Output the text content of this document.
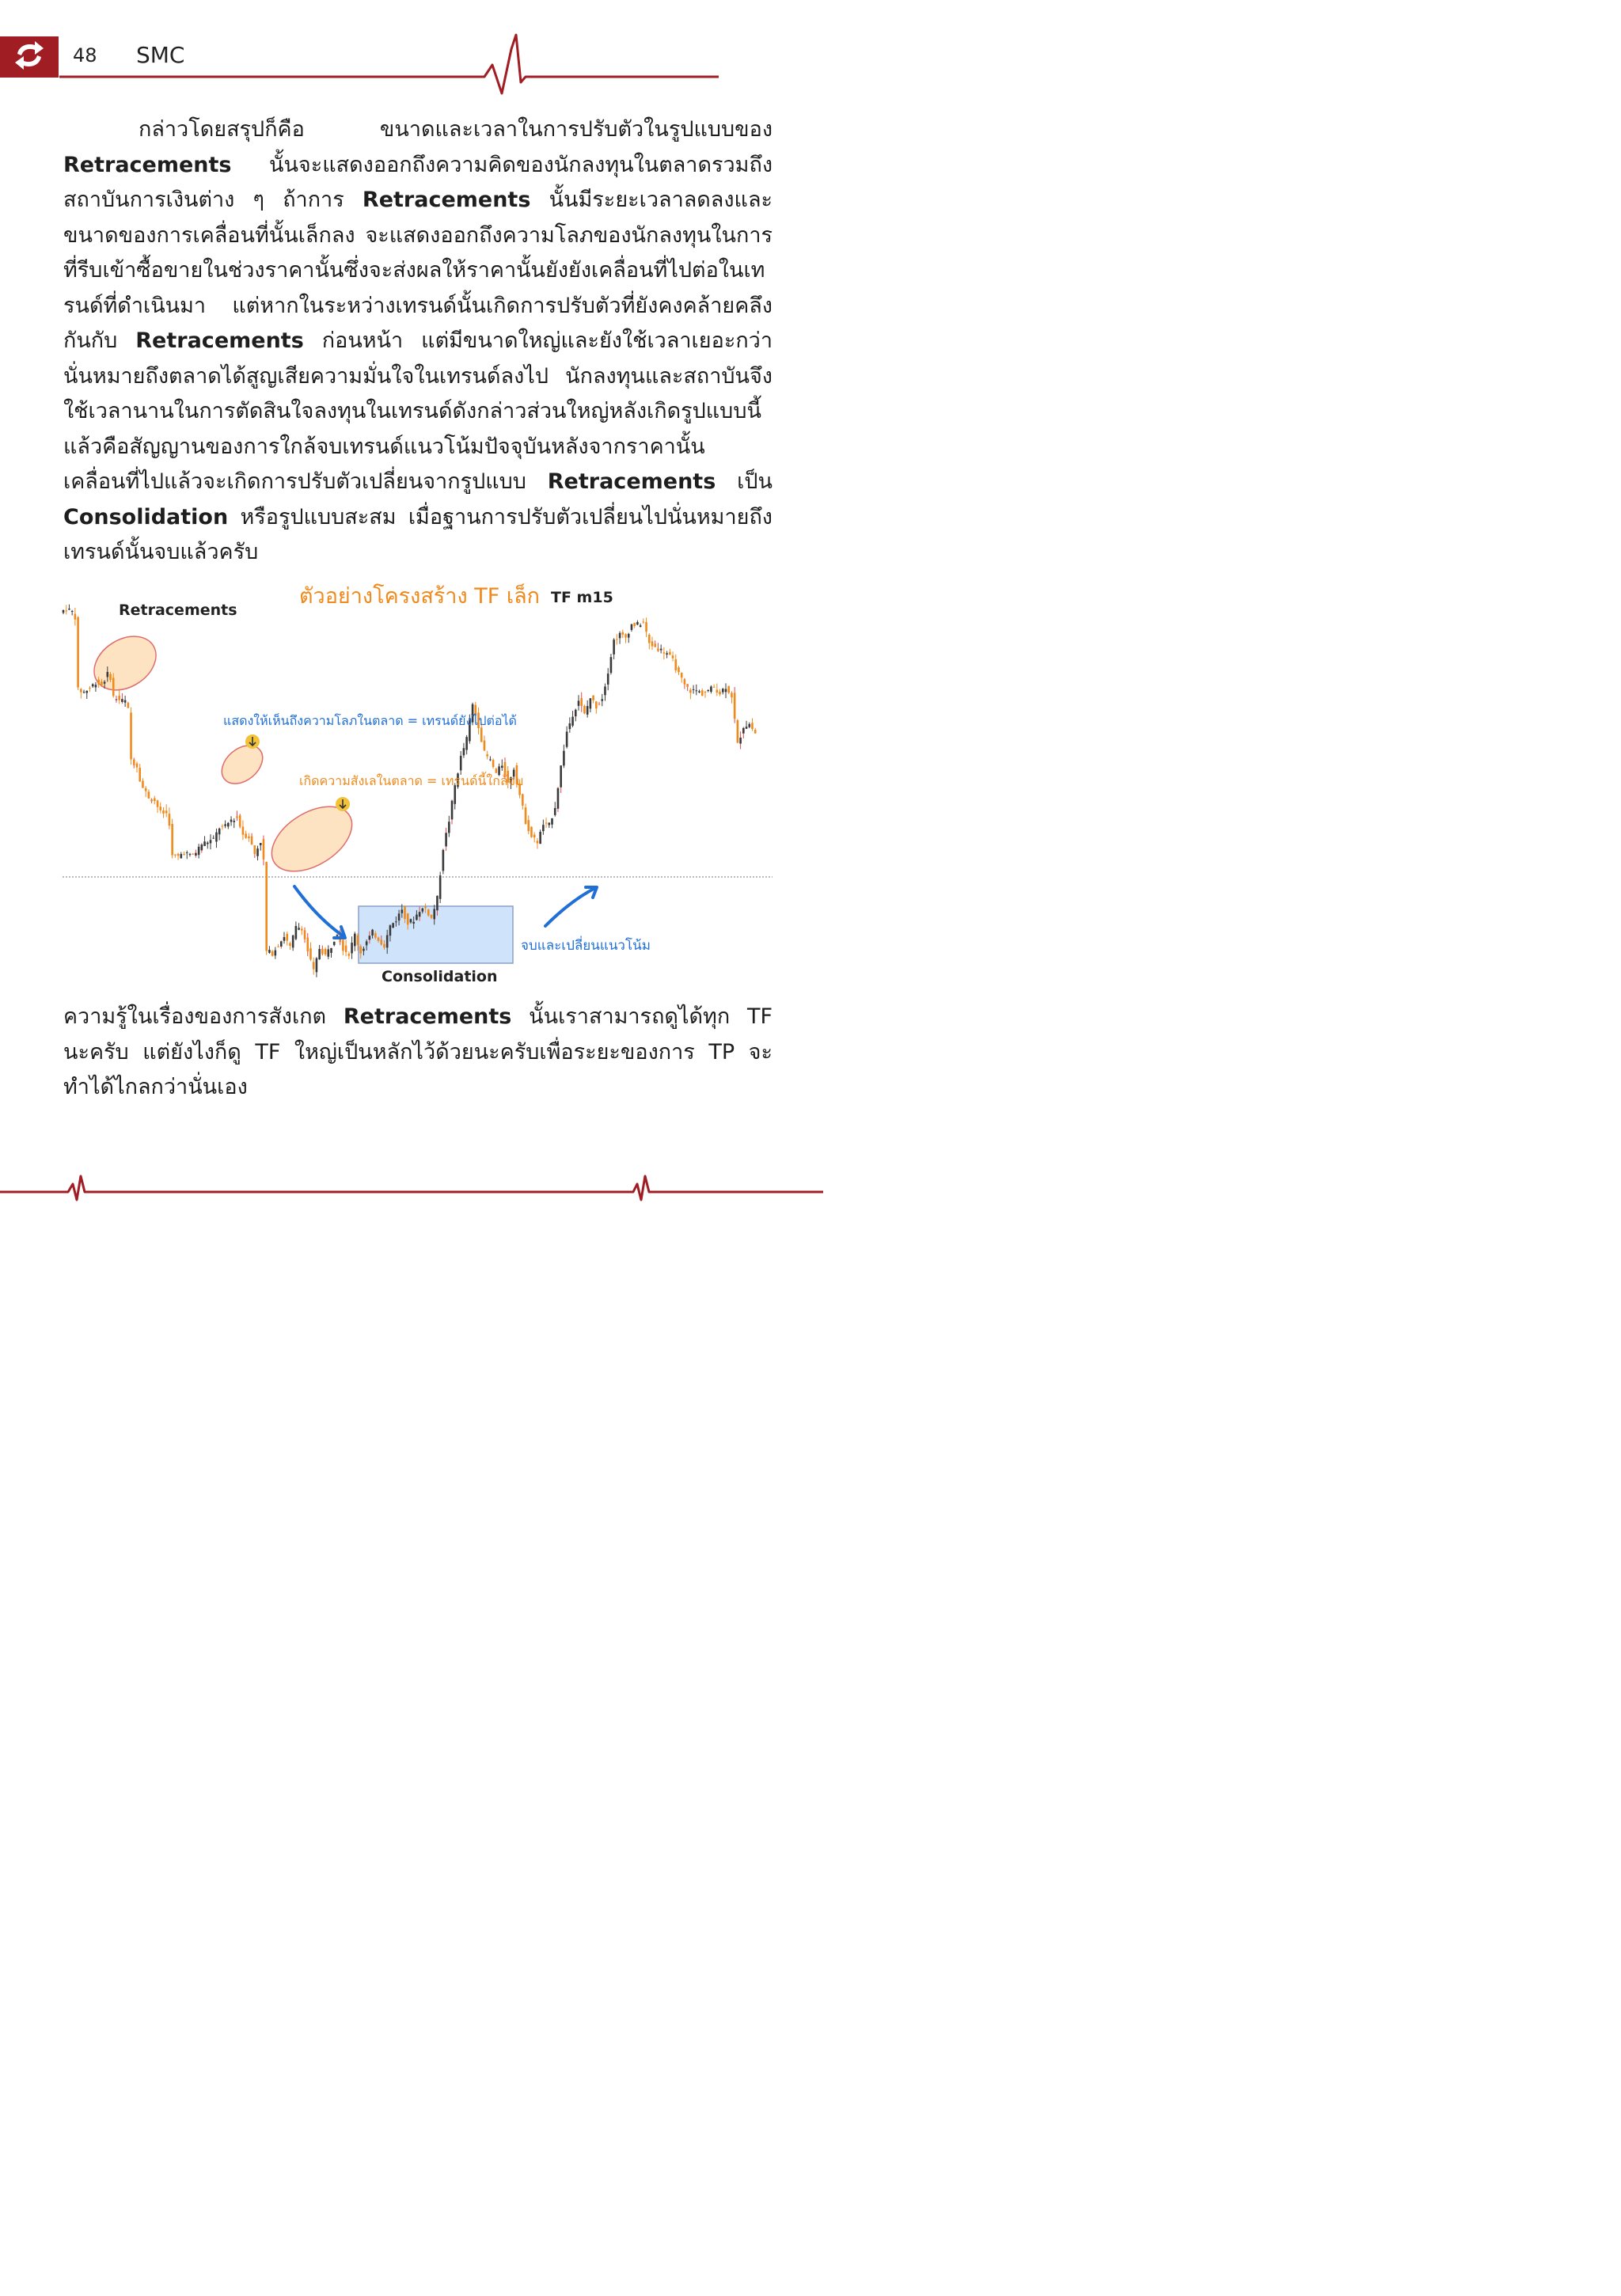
48 SMC

กล่าวโดยสรุปก็คือ ขนาดและเวลาในการปรับตัวในรูปแบบของ Retracements นั้นจะแสดงออกถึงความคิดของนักลงทุนในตลาดรวมถึงสถาบันการเงินต่าง ๆ ถ้าการ Retracements นั้นมีระยะเวลาลดลงและขนาดของการเคลื่อนที่นั้นเล็กลง จะแสดงออกถึงความโลภของนักลงทุนในการที่รีบเข้าซื้อขายในช่วงราคานั้นซึ่งจะส่งผลให้ราคานั้นยังยังเคลื่อนที่ไปต่อในเทรนด์ที่ดำเนินมา แต่หากในระหว่างเทรนด์นั้นเกิดการปรับตัวที่ยังคงคล้ายคลึงกันกับ Retracements ก่อนหน้า แต่มีขนาดใหญ่และยังใช้เวลาเยอะกว่า นั่นหมายถึงตลาดได้สูญเสียความมั่นใจในเทรนด์ลงไป นักลงทุนและสถาบันจึงใช้เวลานานในการตัดสินใจลงทุนในเทรนด์ดังกล่าวส่วนใหญ่หลังเกิดรูปแบบนี้แล้วคือสัญญานของการใกล้จบเทรนด์แนวโน้มปัจจุบันหลังจากราคานั้นเคลื่อนที่ไปแล้วจะเกิดการปรับตัวเปลี่ยนจากรูปแบบ Retracements เป็น Consolidation หรือรูปแบบสะสม เมื่อฐานการปรับตัวเปลี่ยนไปนั่นหมายถึงเทรนด์นั้นจบแล้วครับ

ตัวอย่างโครงสร้าง TF เล็ก TF m15
Retracements
แสดงให้เห็นถึงความโลภในตลาด = เทรนด์ยังไปต่อได้
เกิดความสังเลในตลาด = เทรนด์นี้ใกล้จบ
จบและเปลี่ยนแนวโน้ม
Consolidation

ความรู้ในเรื่องของการสังเกต Retracements นั้นเราสามารถดูได้ทุก TF นะครับ แต่ยังไงก็ดู TF ใหญ่เป็นหลักไว้ด้วยนะครับเพื่อระยะของการ TP จะทำได้ไกลกว่านั่นเอง
